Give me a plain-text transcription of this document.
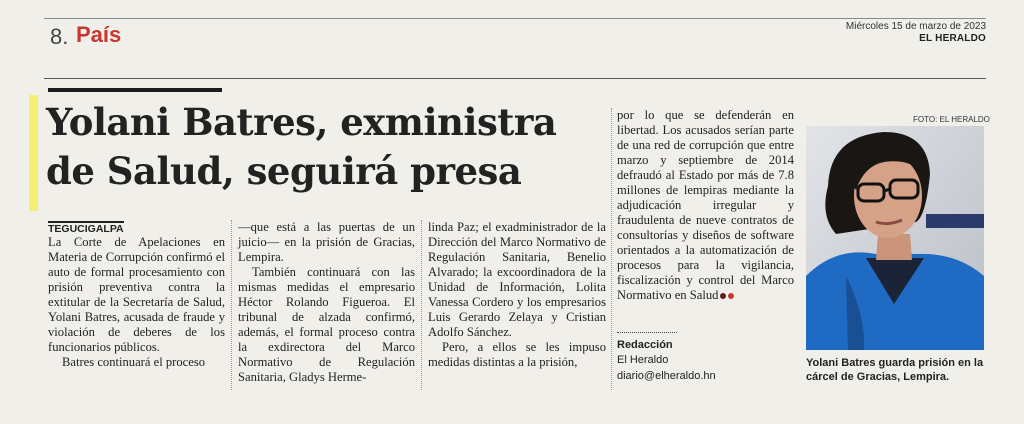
8. País	Miércoles 15 de marzo de 2023
EL HERALDO
Yolani Batres, exministra
de Salud, seguirá presa
TEGUCIGALPA

La Corte de Apelaciones en Materia de Corrupción confirmó el auto de formal procesamiento con prisión preventiva contra la extitular de la Secretaría de Salud, Yolani Batres, acusada de fraude y violación de deberes de los funcionarios públicos.

Batres continuará el proceso

—que está a las puertas de un juicio— en la prisión de Gracias, Lempira.

También continuará con las mismas medidas el empresario Héctor Rolando Figueroa. El tribunal de alzada confirmó, además, el formal proceso contra la exdirectora del Marco Normativo de Regulación Sanitaria, Gladys Herme-

linda Paz; el exadministrador de la Dirección del Marco Normativo de Regulación Sanitaria, Benelio Alvarado; la excoordinadora de la Unidad de Información, Lolita Vanessa Cordero y los empresarios Luis Gerardo Zelaya y Cristian Adolfo Sánchez.

Pero, a ellos se les impuso medidas distintas a la prisión,

por lo que se defenderán en libertad. Los acusados serían parte de una red de corrupción que entre marzo y septiembre de 2014 defraudó al Estado por más de 7.8 millones de lempiras mediante la adjudicación irregular y fraudulenta de nueve contratos de consultorías y diseños de software orientados a la automatización de procesos para la vigilancia, fiscalización y control del Marco Normativo en Salud

Redacción
El Heraldo
diario@elheraldo.hn
FOTO: EL HERALDO
Yolani Batres guarda prisión en la cárcel de Gracias, Lempira.
